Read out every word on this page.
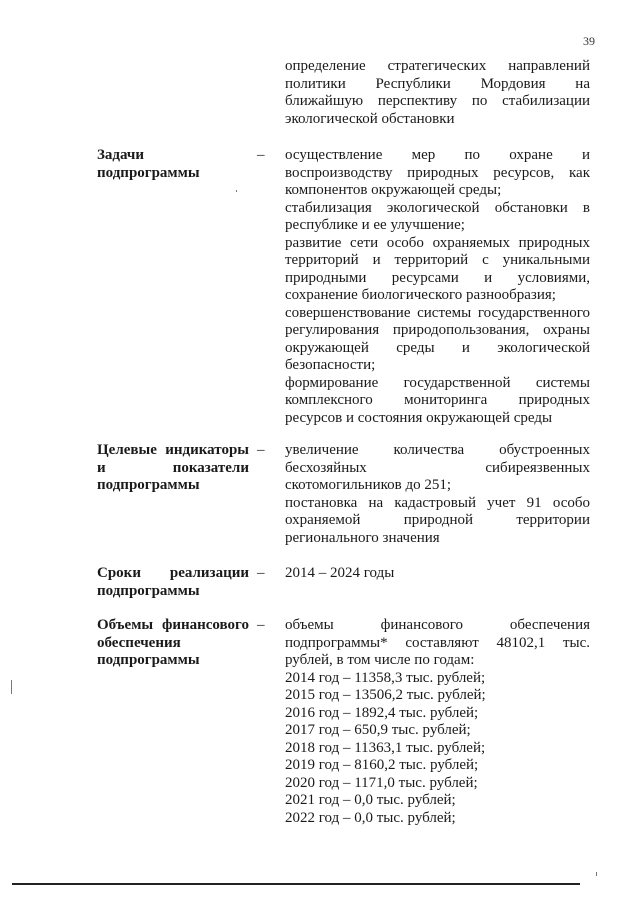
39
определение стратегических направлений политики Республики Мордовия на ближайшую перспективу по стабилизации экологической обстановки
Задачи подпрограммы
– осуществление мер по охране и воспроизводству природных ресурсов, как компонентов окружающей среды;
стабилизация экологической обстановки в республике и ее улучшение;
развитие сети особо охраняемых природных территорий и территорий с уникальными природными ресурсами и условиями, сохранение биологического разнообразия;
совершенствование системы государственного регулирования природопользования, охраны окружающей среды и экологической безопасности;
формирование государственной системы комплексного мониторинга природных ресурсов и состояния окружающей среды
Целевые индикаторы и показатели подпрограммы
– увеличение количества обустроенных бесхозяйных сибиреязвенных скотомогильников до 251;
постановка на кадастровый учет 91 особо охраняемой природной территории регионального значения
Сроки реализации подпрограммы
– 2014 – 2024 годы
Объемы финансового обеспечения подпрограммы
– объемы финансового обеспечения подпрограммы* составляют 48102,1 тыс. рублей, в том числе по годам:
2014 год – 11358,3 тыс. рублей;
2015 год – 13506,2 тыс. рублей;
2016 год – 1892,4 тыс. рублей;
2017 год – 650,9 тыс. рублей;
2018 год – 11363,1 тыс. рублей;
2019 год – 8160,2 тыс. рублей;
2020 год – 1171,0 тыс. рублей;
2021 год – 0,0 тыс. рублей;
2022 год – 0,0 тыс. рублей;
